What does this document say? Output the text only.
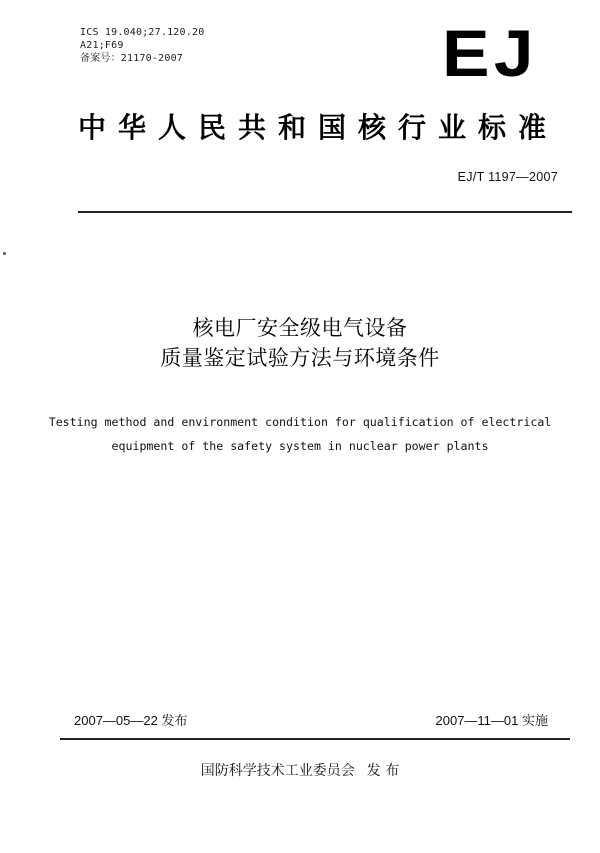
ICS 19.040;27.120.20
A21;F69
备案号：21170-2007	EJ
中华人民共和国核行业标准
EJ/T 1197—2007
核电厂安全级电气设备
质量鉴定试验方法与环境条件
Testing method and environment condition for qualification of electrical
equipment of the safety system in nuclear power plants
2007—05—22 发布	2007—11—01 实施
国防科学技术工业委员会 发 布
